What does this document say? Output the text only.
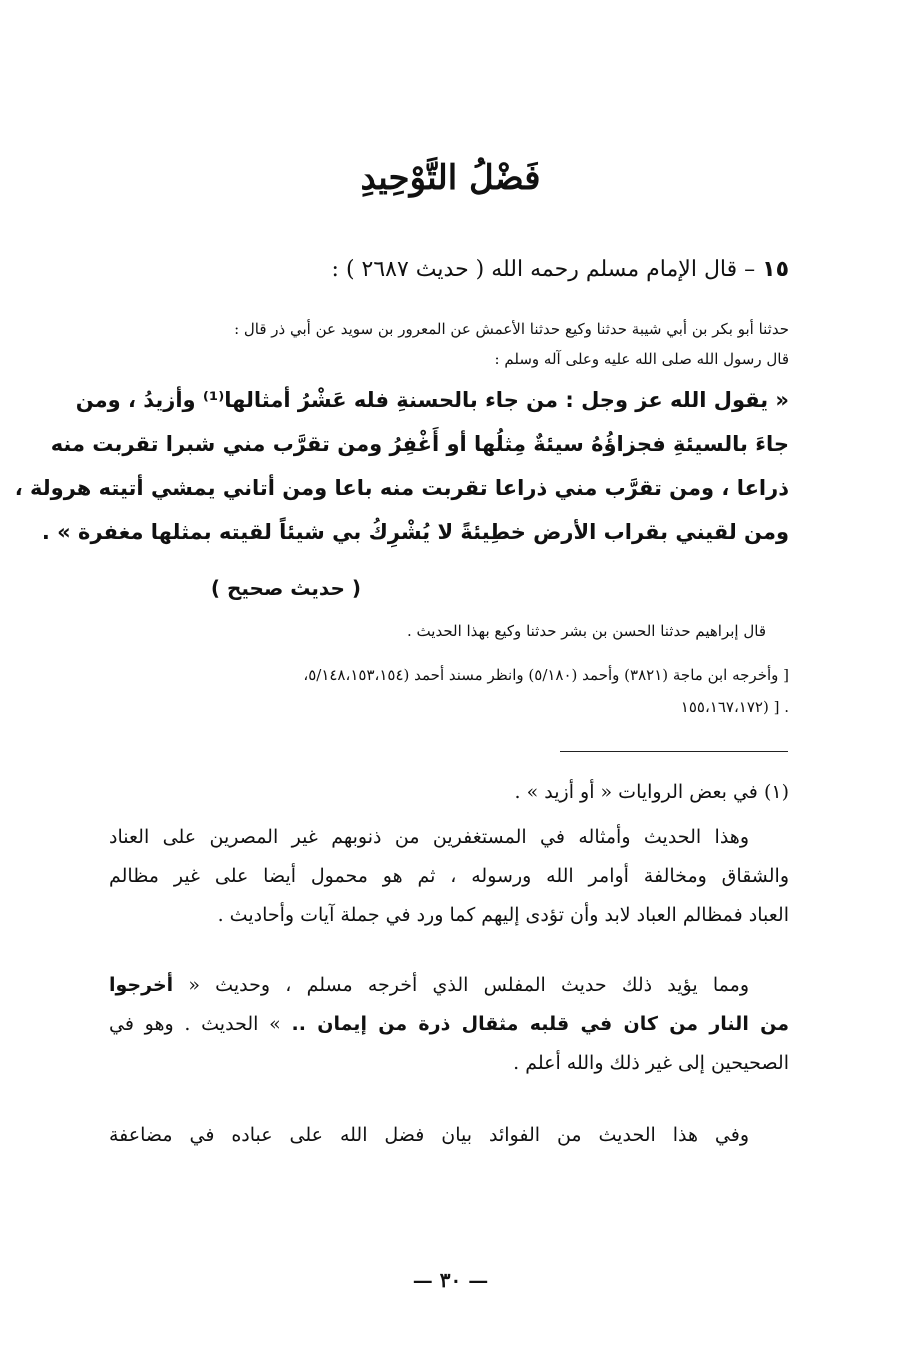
فَضْلُ التَّوْحِيدِ
١٥ – قال الإمام مسلم رحمه الله ( حديث ٢٦٨٧ ) :
حدثنا أبو بكر بن أبي شيبة حدثنا وكيع حدثنا الأعمش عن المعرور بن سويد عن أبي ذر قال :
قال رسول الله صلى الله عليه وعلى آله وسلم :
« يقول الله عز وجل : من جاء بالحسنةِ فله عَشْرُ أمثالها⁽¹⁾ وأزيدُ ، ومن
جاءَ بالسيئةِ فجزاؤُهُ سيئةٌ مِثلُها أو أَغْفِرُ ومن تقرَّب مني شبرا تقربت منه
ذراعا ، ومن تقرَّب مني ذراعا تقربت منه باعا ومن أتاني يمشي أتيته هرولة ،
ومن لقيني بقراب الأرض خطِيئةً لا يُشْرِكُ بي شيئاً لقيته بمثلها مغفرة » .
( حديث صحيح )
قال إبراهيم حدثنا الحسن بن بشر حدثنا وكيع بهذا الحديث .
[ وأخرجه ابن ماجة (٣٨٢١) وأحمد (٥/١٨٠) وانظر مسند أحمد (٥/١٤٨،١٥٣،١٥٤،
١٥٥،١٦٧،١٧٢) ] .
(١) في بعض الروايات « أو أزيد » .
وهذا الحديث وأمثاله في المستغفرين من ذنوبهم غير المصرين على العناد
والشقاق ومخالفة أوامر الله ورسوله ، ثم هو محمول أيضا على غير مظالم
العباد فمظالم العباد لابد وأن تؤدى إليهم كما ورد في جملة آيات وأحاديث .
ومما يؤيد ذلك حديث المفلس الذي أخرجه مسلم ، وحديث « أخرجوا
من النار من كان في قلبه مثقال ذرة من إيمان .. » الحديث . وهو في
الصحيحين إلى غير ذلك والله أعلم .
وفي هذا الحديث من الفوائد بيان فضل الله على عباده في مضاعفة
— ٣٠ —
